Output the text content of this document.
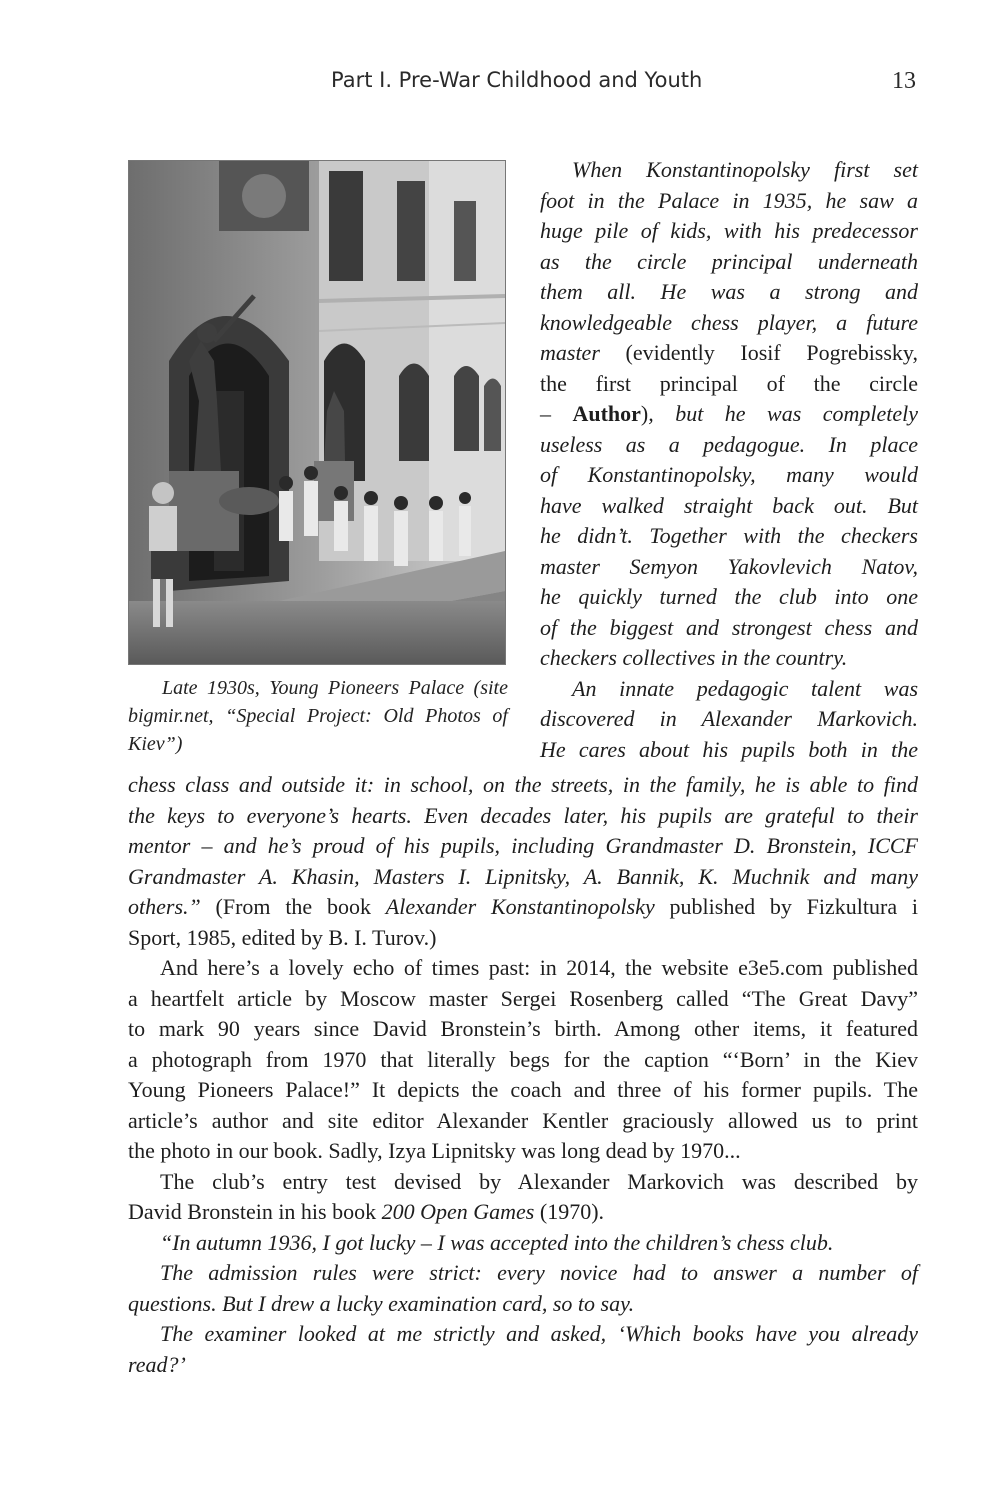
Part I. Pre-War Childhood and Youth	13
Late 1930s, Young Pioneers Palace (site
bigmir.net, “Special Project: Old Photos of
Kiev”)
When Konstantinopolsky first set
foot in the Palace in 1935, he saw a
huge pile of kids, with his predecessor
as the circle principal underneath
them all. He was a strong and
knowledgeable chess player, a future
master (evidently Iosif Pogrebissky,
the first principal of the circle
– Author), but he was completely
useless as a pedagogue. In place
of Konstantinopolsky, many would
have walked straight back out. But
he didn’t. Together with the checkers
master Semyon Yakovlevich Natov,
he quickly turned the club into one
of the biggest and strongest chess and
checkers collectives in the country.
An innate pedagogic talent was
discovered in Alexander Markovich.
He cares about his pupils both in the
chess class and outside it: in school, on the streets, in the family, he is able to find
the keys to everyone’s hearts. Even decades later, his pupils are grateful to their
mentor – and he’s proud of his pupils, including Grandmaster D. Bronstein, ICCF
Grandmaster A. Khasin, Masters I. Lipnitsky, A. Bannik, K. Muchnik and many
others.” (From the book Alexander Konstantinopolsky published by Fizkultura i
Sport, 1985, edited by B. I. Turov.)
And here’s a lovely echo of times past: in 2014, the website e3e5.com published
a heartfelt article by Moscow master Sergei Rosenberg called “The Great Davy”
to mark 90 years since David Bronstein’s birth. Among other items, it featured
a photograph from 1970 that literally begs for the caption “‘Born’ in the Kiev
Young Pioneers Palace!” It depicts the coach and three of his former pupils. The
article’s author and site editor Alexander Kentler graciously allowed us to print
the photo in our book. Sadly, Izya Lipnitsky was long dead by 1970...
The club’s entry test devised by Alexander Markovich was described by
David Bronstein in his book 200 Open Games (1970).
“In autumn 1936, I got lucky – I was accepted into the children’s chess club.
The admission rules were strict: every novice had to answer a number of
questions. But I drew a lucky examination card, so to say.
The examiner looked at me strictly and asked, ‘Which books have you already
read?’
